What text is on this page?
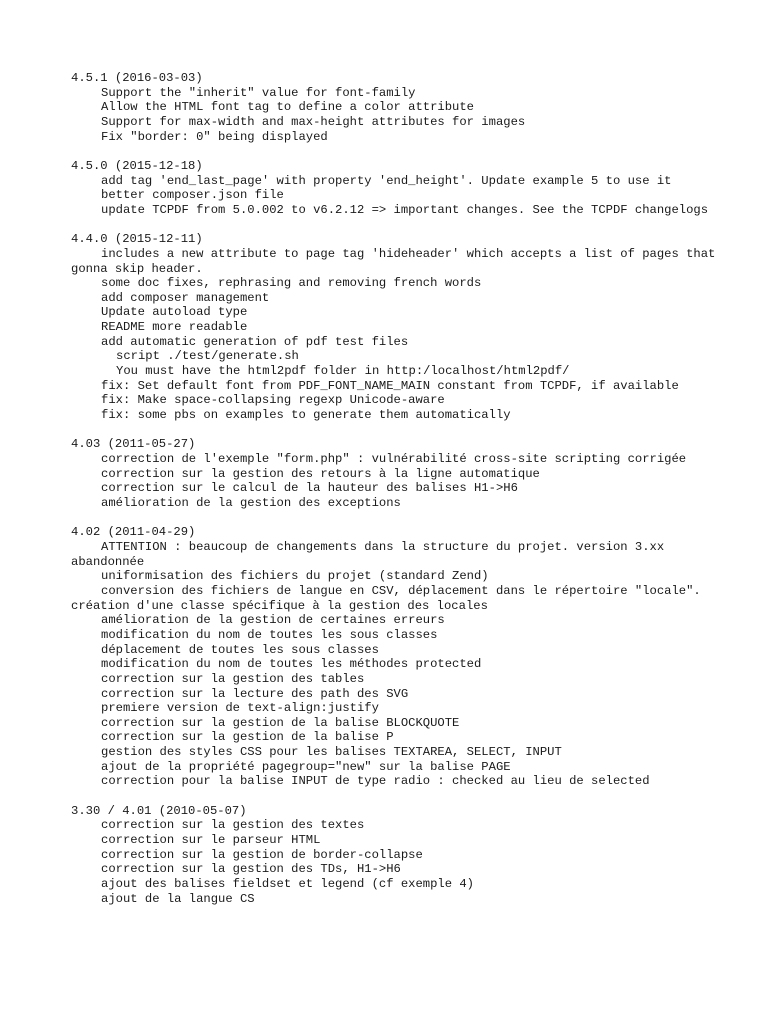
4.5.1 (2016-03-03)
Support the "inherit" value for font-family
Allow the HTML font tag to define a color attribute
Support for max-width and max-height attributes for images
Fix "border: 0" being displayed
4.5.0 (2015-12-18)
add tag 'end_last_page' with property 'end_height'. Update example 5 to use it
better composer.json file
update TCPDF from 5.0.002 to v6.2.12 => important changes. See the TCPDF changelogs
4.4.0 (2015-12-11)
includes a new attribute to page tag 'hideheader' which accepts a list of pages that gonna skip header.
some doc fixes, rephrasing and removing french words
add composer management
Update autoload type
README more readable
add automatic generation of pdf test files
script ./test/generate.sh
You must have the html2pdf folder in http:/localhost/html2pdf/
fix: Set default font from PDF_FONT_NAME_MAIN constant from TCPDF, if available
fix: Make space-collapsing regexp Unicode-aware
fix: some pbs on examples to generate them automatically
4.03 (2011-05-27)
correction de l'exemple "form.php" : vulnérabilité cross-site scripting corrigée
correction sur la gestion des retours à la ligne automatique
correction sur le calcul de la hauteur des balises H1->H6
amélioration de la gestion des exceptions
4.02 (2011-04-29)
ATTENTION : beaucoup de changements dans la structure du projet. version 3.xx abandonnée
uniformisation des fichiers du projet (standard Zend)
conversion des fichiers de langue en CSV, déplacement dans le répertoire "locale". création d'une classe spécifique à la gestion des locales
amélioration de la gestion de certaines erreurs
modification du nom de toutes les sous classes
déplacement de toutes les sous classes
modification du nom de toutes les méthodes protected
correction sur la gestion des tables
correction sur la lecture des path des SVG
premiere version de text-align:justify
correction sur la gestion de la balise BLOCKQUOTE
correction sur la gestion de la balise P
gestion des styles CSS pour les balises TEXTAREA, SELECT, INPUT
ajout de la propriété pagegroup="new" sur la balise PAGE
correction pour la balise INPUT de type radio : checked au lieu de selected
3.30 / 4.01 (2010-05-07)
correction sur la gestion des textes
correction sur le parseur HTML
correction sur la gestion de border-collapse
correction sur la gestion des TDs, H1->H6
ajout des balises fieldset et legend (cf exemple 4)
ajout de la langue CS
